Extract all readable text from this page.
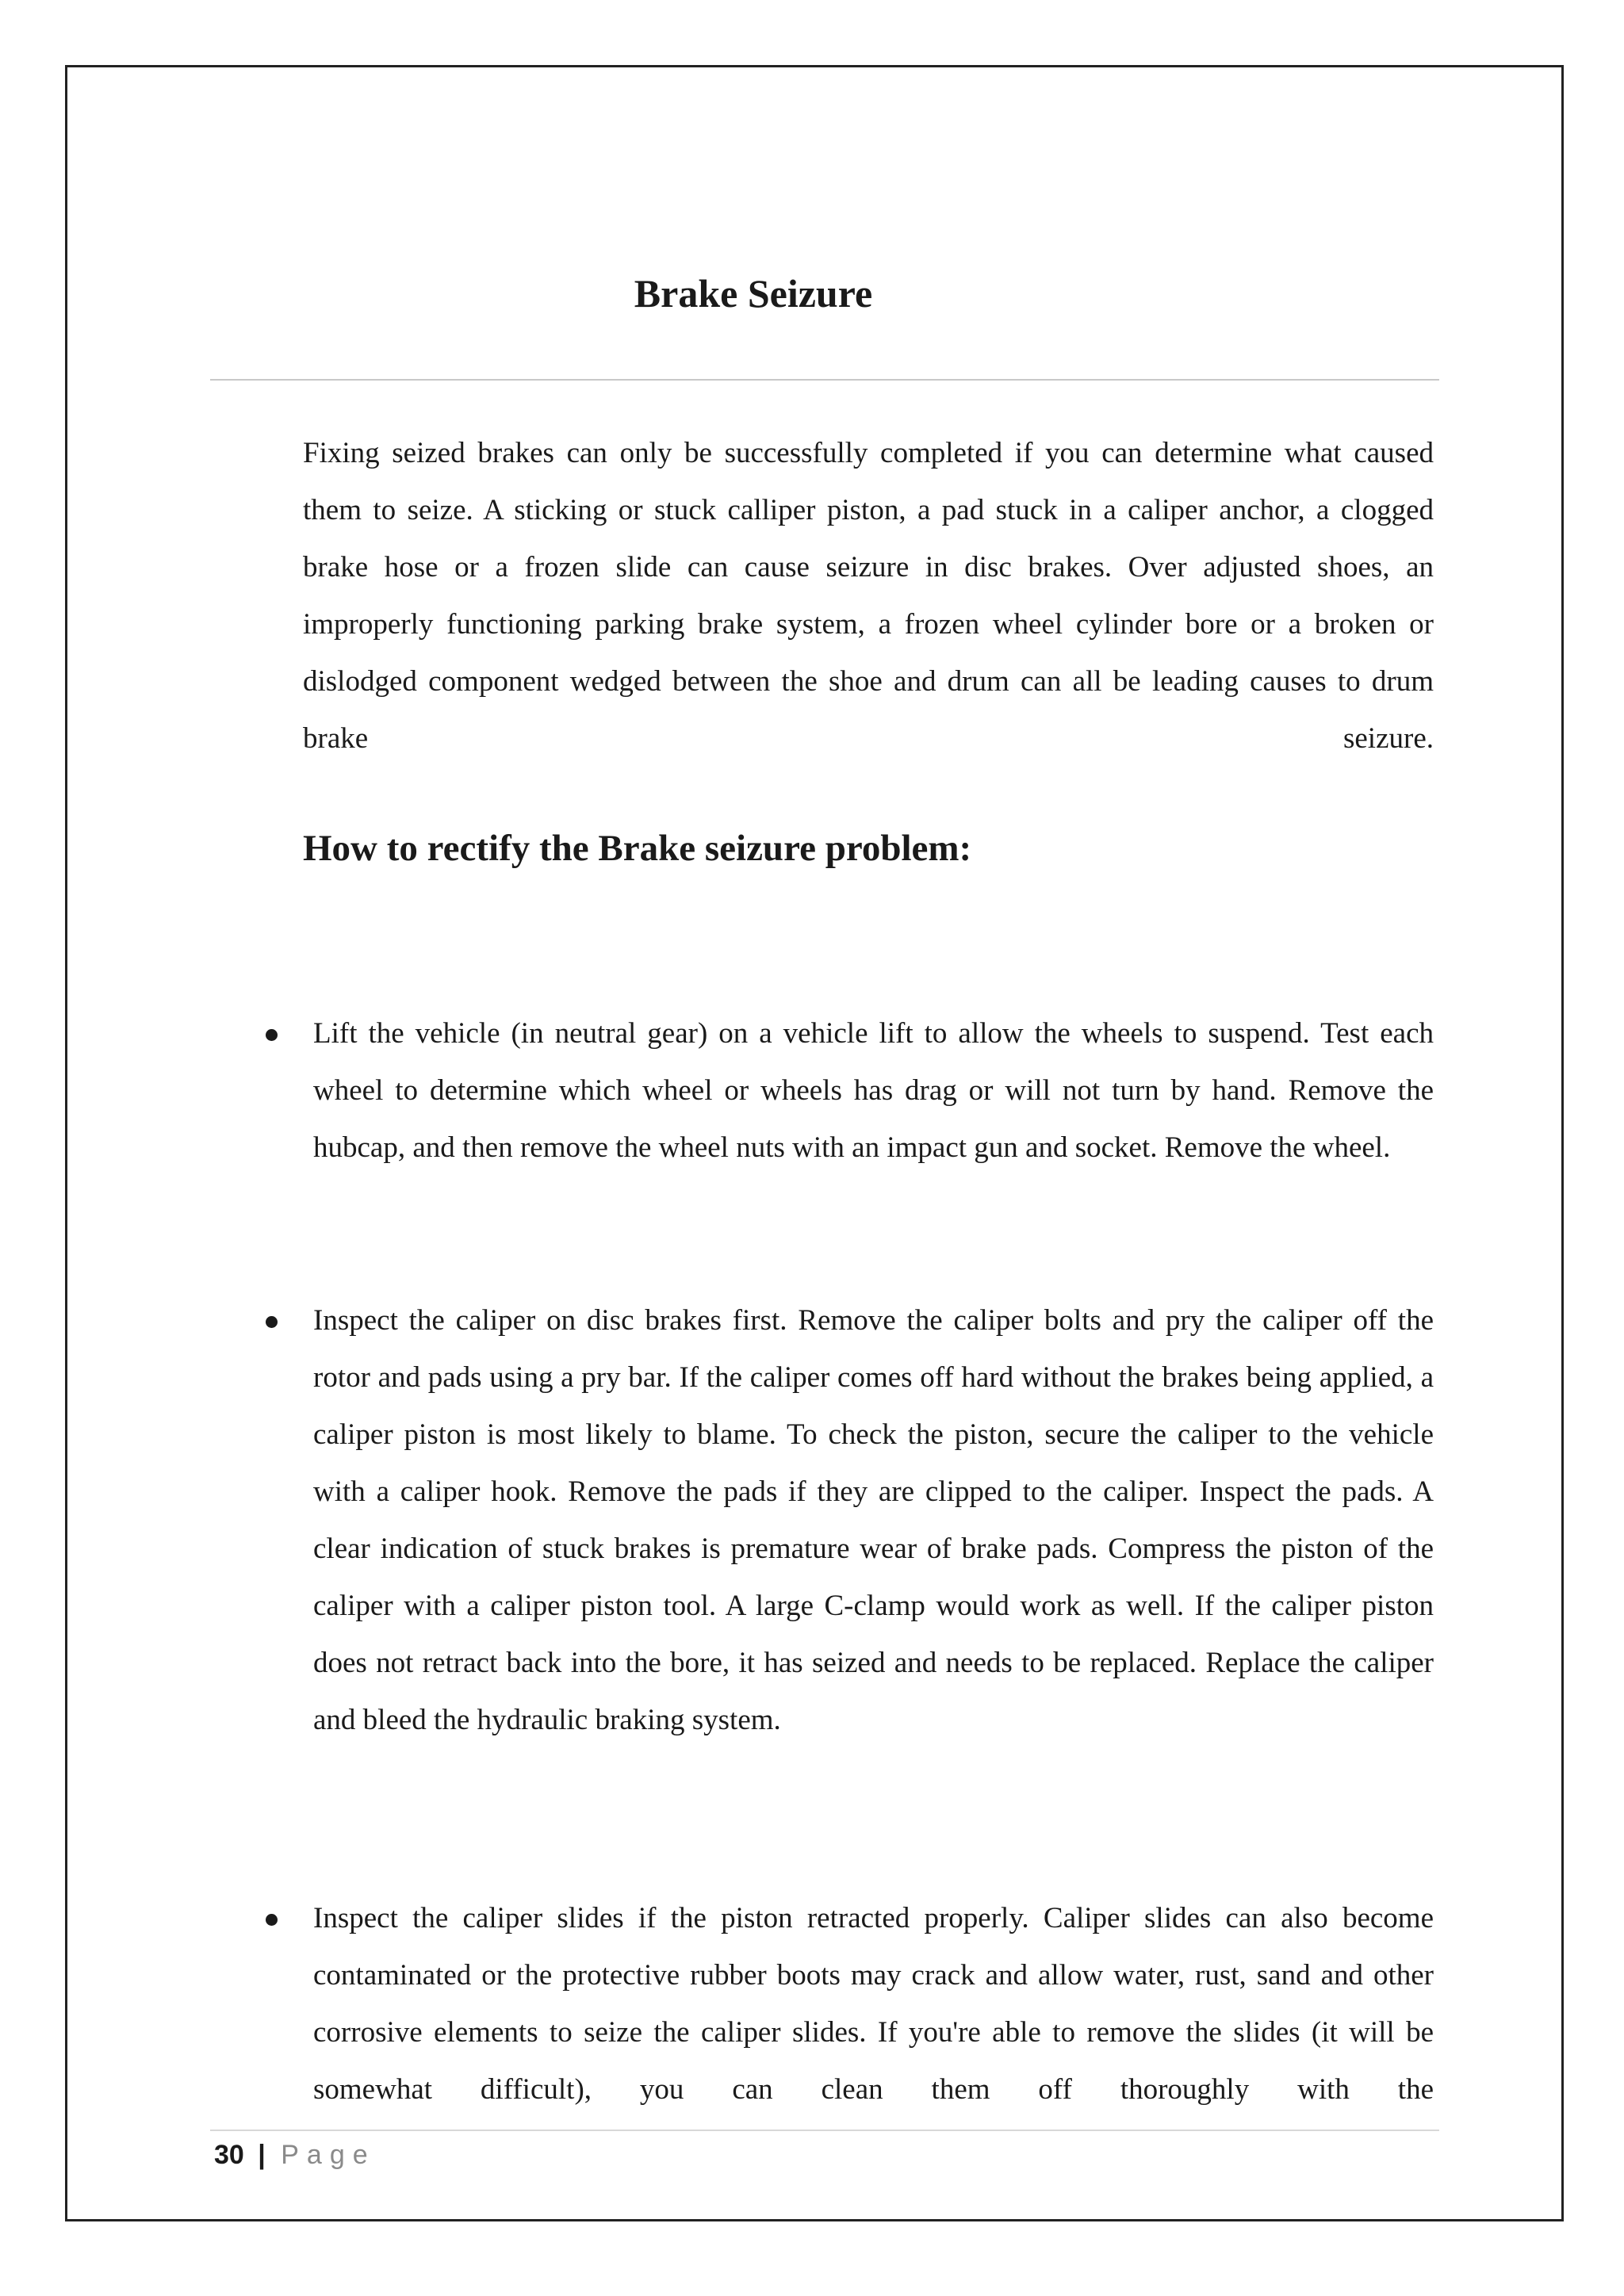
Brake Seizure

Fixing seized brakes can only be successfully completed if you can determine what caused them to seize. A sticking or stuck calliper piston, a pad stuck in a caliper anchor, a clogged brake hose or a frozen slide can cause seizure in disc brakes. Over adjusted shoes, an improperly functioning parking brake system, a frozen wheel cylinder bore or a broken or dislodged component wedged between the shoe and drum can all be leading causes to drum brake seizure.

How to rectify the Brake seizure problem:
Lift the vehicle (in neutral gear) on a vehicle lift to allow the wheels to suspend. Test each wheel to determine which wheel or wheels has drag or will not turn by hand. Remove the hubcap, and then remove the wheel nuts with an impact gun and socket. Remove the wheel.
Inspect the caliper on disc brakes first. Remove the caliper bolts and pry the caliper off the rotor and pads using a pry bar. If the caliper comes off hard without the brakes being applied, a caliper piston is most likely to blame. To check the piston, secure the caliper to the vehicle with a caliper hook. Remove the pads if they are clipped to the caliper. Inspect the pads. A clear indication of stuck brakes is premature wear of brake pads. Compress the piston of the caliper with a caliper piston tool. A large C-clamp would work as well. If the caliper piston does not retract back into the bore, it has seized and needs to be replaced. Replace the caliper and bleed the hydraulic braking system.
Inspect the caliper slides if the piston retracted properly. Caliper slides can also become contaminated or the protective rubber boots may crack and allow water, rust, sand and other corrosive elements to seize the caliper slides. If you're able to remove the slides (it will be somewhat difficult), you can clean them off thoroughly with the
30 | Page
